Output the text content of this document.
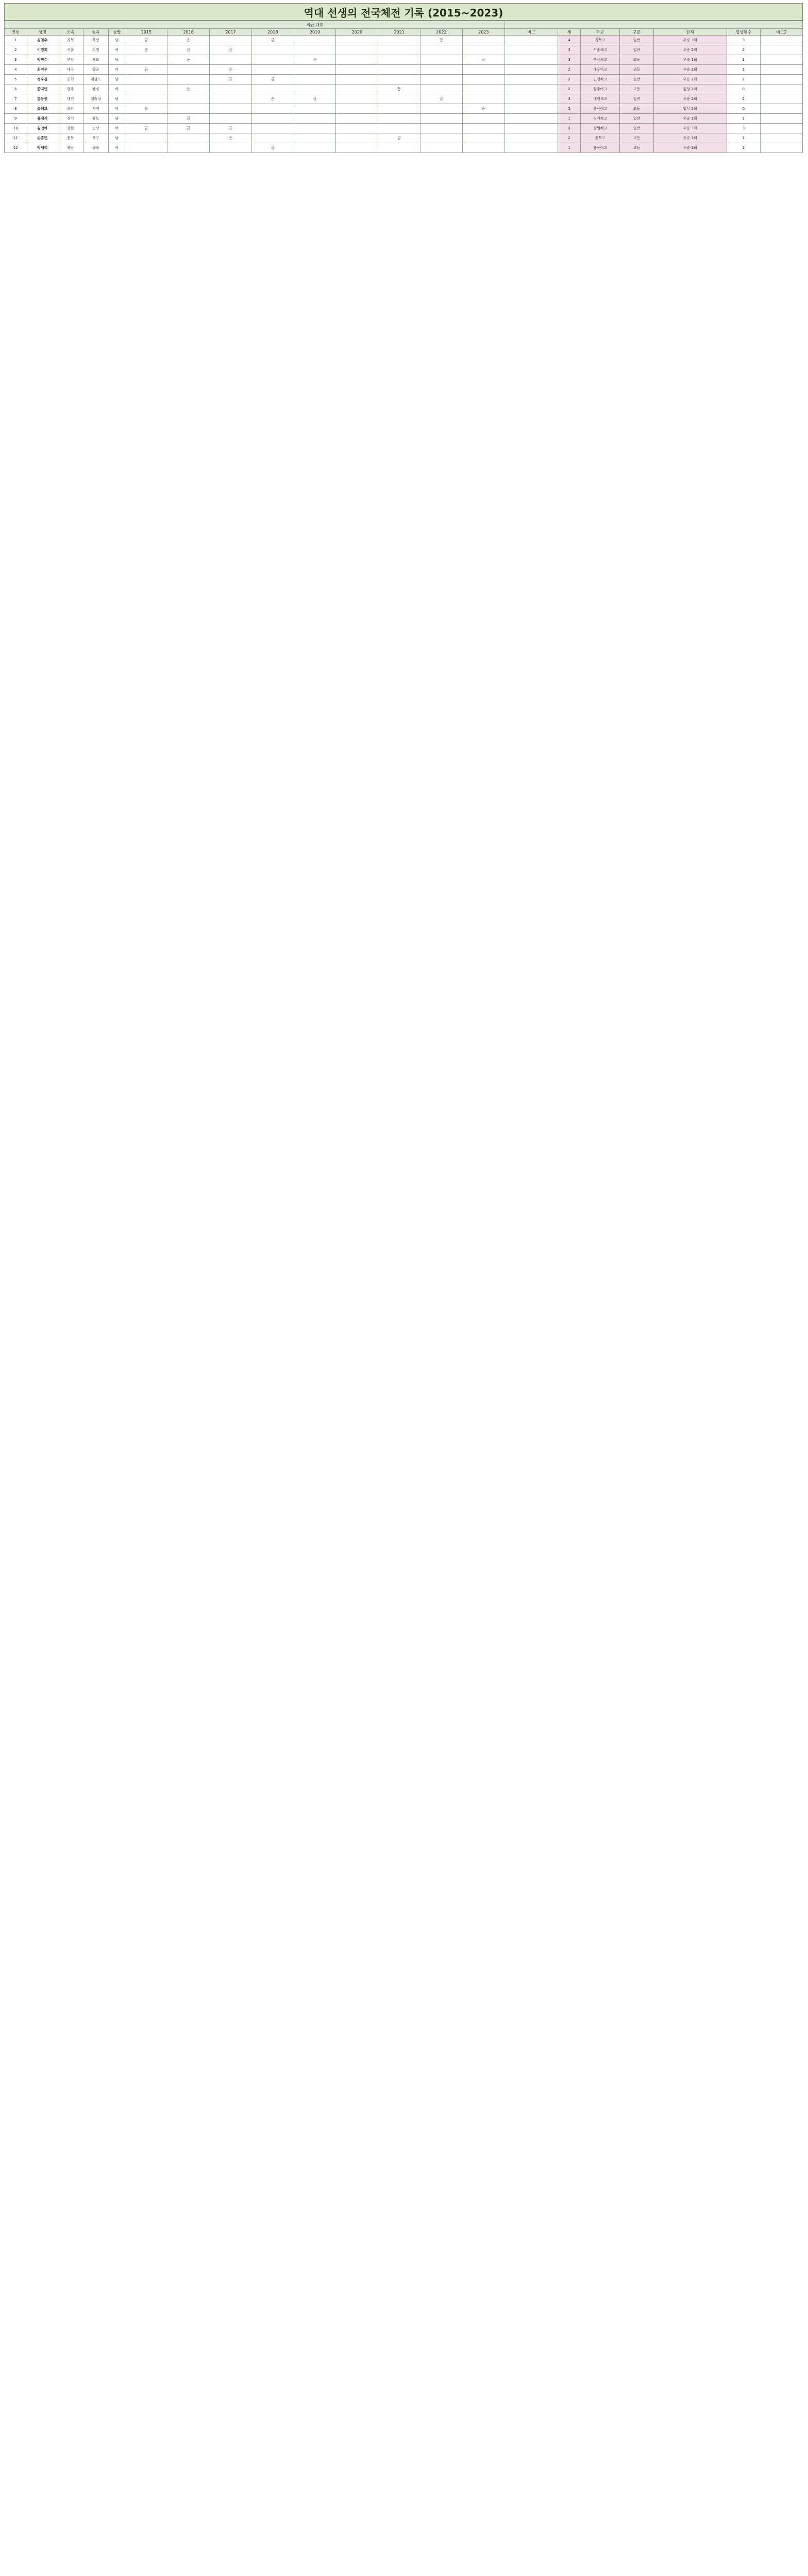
역대 선생의 전국체전 기록 (2015~2023)
					최근 대회															
연번	성명	소속	종목	성별	2015	2016	2017	2018	2019	2020	2021	2022	2023	비고	계	학교	구분	전적	입상횟수	비고2
1	김철수	경북	육상	남	금	은		금				동			4	경북고	일반	우승 3회	3	
2	이영희	서울	수영	여	은	금	금								3	서울체고	일반	우승 2회	2	
3	박민수	부산	체조	남		동			은				금		3	부산체고	고등	우승 1회	1	
4	최지우	대구	양궁	여	금		은								2	대구여고	고등	우승 1회	1	
5	정우성	인천	태권도	남			금	금							2	인천체고	일반	우승 2회	2	
6	한지민	광주	펜싱	여		은					동				2	광주여고	고등	입상 2회	0	
7	강동원	대전	레슬링	남				은	금			금			3	대전체고	일반	우승 2회	2	
8	송혜교	울산	사격	여	동								은		2	울산여고	고등	입상 2회	0	
9	유재석	경기	유도	남		금									1	경기체고	일반	우승 1회	1	
10	김연아	강원	빙상	여	금	금	금								3	강원체고	일반	우승 3회	3	
11	손흥민	충북	축구	남			은				금				2	충북고	고등	우승 1회	1	
12	박세리	충남	골프	여				금							1	충남여고	고등	우승 1회	1	
